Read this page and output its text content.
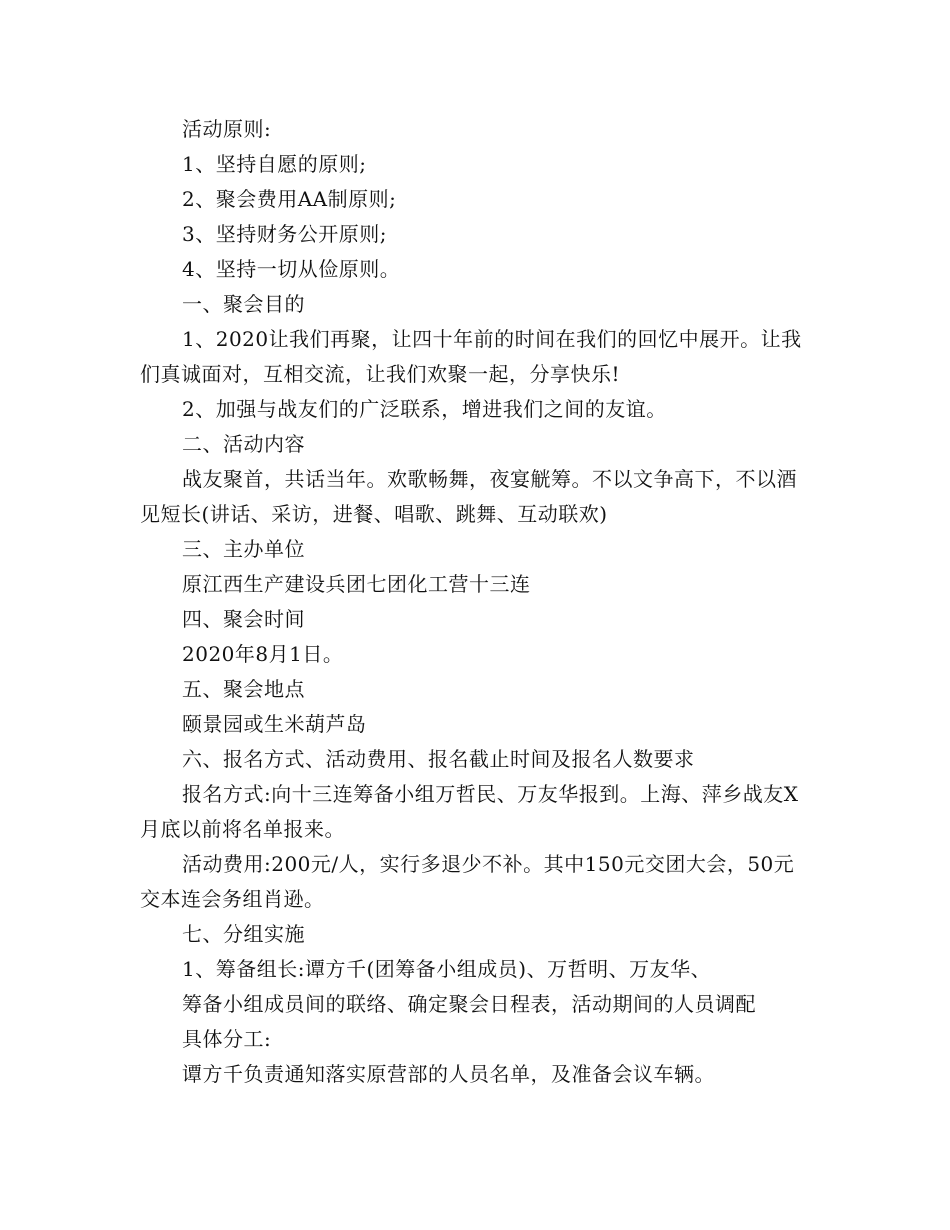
活动原则:

1、坚持自愿的原则;

2、聚会费用AA制原则;

3、坚持财务公开原则;

4、坚持一切从俭原则。

一、聚会目的

1、2020让我们再聚，让四十年前的时间在我们的回忆中展开。让我们真诚面对，互相交流，让我们欢聚一起，分享快乐!

2、加强与战友们的广泛联系，增进我们之间的友谊。

二、活动内容

战友聚首，共话当年。欢歌畅舞，夜宴觥筹。不以文争高下，不以酒见短长(讲话、采访，进餐、唱歌、跳舞、互动联欢)

三、主办单位

原江西生产建设兵团七团化工营十三连

四、聚会时间

2020年8月1日。

五、聚会地点

颐景园或生米葫芦岛

六、报名方式、活动费用、报名截止时间及报名人数要求

报名方式:向十三连筹备小组万哲民、万友华报到。上海、萍乡战友X月底以前将名单报来。

活动费用:200元/人，实行多退少不补。其中150元交团大会，50元交本连会务组肖逊。

七、分组实施

1、筹备组长:谭方千(团筹备小组成员)、万哲明、万友华、

筹备小组成员间的联络、确定聚会日程表，活动期间的人员调配

具体分工:

谭方千负责通知落实原营部的人员名单，及准备会议车辆。
